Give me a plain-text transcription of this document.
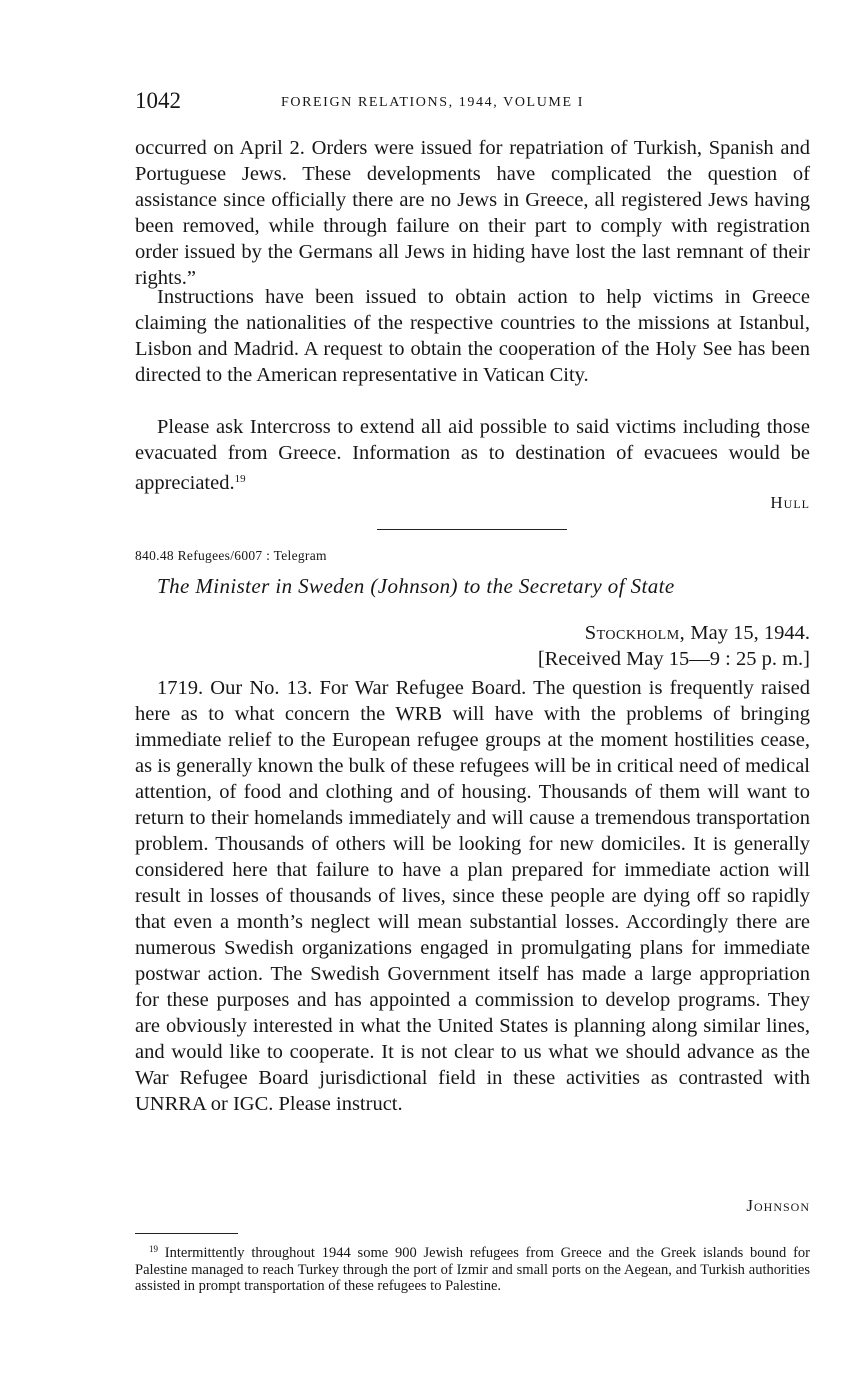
1042	FOREIGN RELATIONS, 1944, VOLUME I

occurred on April 2. Orders were issued for repatriation of Turkish, Spanish and Portuguese Jews. These developments have complicated the question of assistance since officially there are no Jews in Greece, all registered Jews having been removed, while through failure on their part to comply with registration order issued by the Germans all Jews in hiding have lost the last remnant of their rights.”

Instructions have been issued to obtain action to help victims in Greece claiming the nationalities of the respective countries to the missions at Istanbul, Lisbon and Madrid. A request to obtain the cooperation of the Holy See has been directed to the American representative in Vatican City.

Please ask Intercross to extend all aid possible to said victims including those evacuated from Greece. Information as to destination of evacuees would be appreciated.$^{19}$

Hull
840.48 Refugees/6007 : Telegram
The Minister in Sweden (Johnson) to the Secretary of State
Stockholm, May 15, 1944.
[Received May 15—9 : 25 p. m.]

1719. Our No. 13. For War Refugee Board. The question is frequently raised here as to what concern the WRB will have with the problems of bringing immediate relief to the European refugee groups at the moment hostilities cease, as is generally known the bulk of these refugees will be in critical need of medical attention, of food and clothing and of housing. Thousands of them will want to return to their homelands immediately and will cause a tremendous transportation problem. Thousands of others will be looking for new domiciles. It is generally considered here that failure to have a plan prepared for immediate action will result in losses of thousands of lives, since these people are dying off so rapidly that even a month’s neglect will mean substantial losses. Accordingly there are numerous Swedish organizations engaged in promulgating plans for immediate postwar action. The Swedish Government itself has made a large appropriation for these purposes and has appointed a commission to develop programs. They are obviously interested in what the United States is planning along similar lines, and would like to cooperate. It is not clear to us what we should advance as the War Refugee Board jurisdictional field in these activities as contrasted with UNRRA or IGC. Please instruct.

Johnson

$^{19}$ Intermittently throughout 1944 some 900 Jewish refugees from Greece and the Greek islands bound for Palestine managed to reach Turkey through the port of Izmir and small ports on the Aegean, and Turkish authorities assisted in prompt transportation of these refugees to Palestine.
